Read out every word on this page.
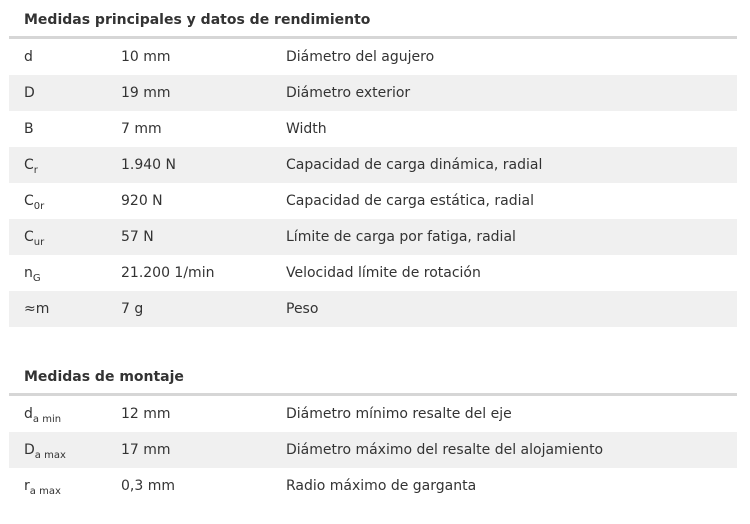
Medidas principales y datos de rendimiento
d	10 mm	Diámetro del agujero
D	19 mm	Diámetro exterior
B	7 mm	Width
$C_r$	1.940 N	Capacidad de carga dinámica, radial
$C_{0r}$	920 N	Capacidad de carga estática, radial
$C_{ur}$	57 N	Límite de carga por fatiga, radial
$n_G$	21.200 1/min	Velocidad límite de rotación
≈m	7 g	Peso
Medidas de montaje
$d_{a min}$	12 mm	Diámetro mínimo resalte del eje
$D_{a max}$	17 mm	Diámetro máximo del resalte del alojamiento
$r_{a max}$	0,3 mm	Radio máximo de garganta
